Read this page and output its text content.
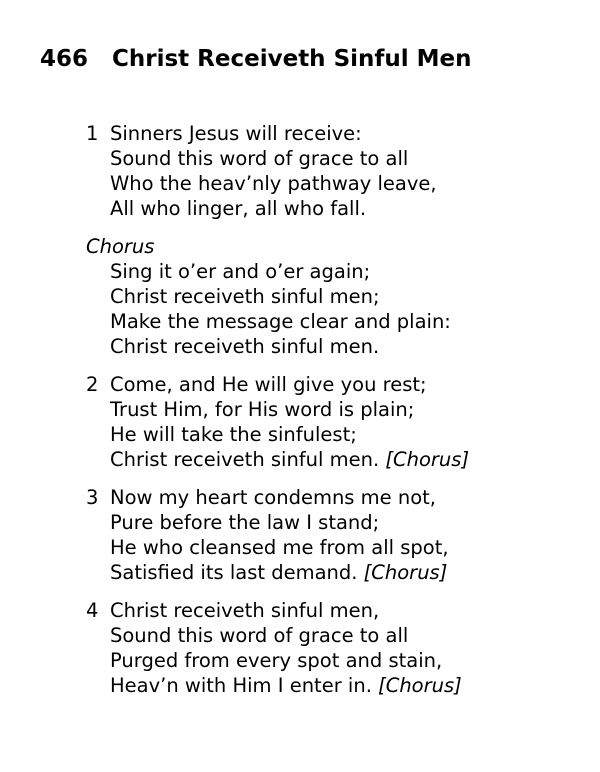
466 Christ Receiveth Sinful Men
1 Sinners Jesus will receive:
Sound this word of grace to all
Who the heav’nly pathway leave,
All who linger, all who fall.
Chorus
Sing it o’er and o’er again;
Christ receiveth sinful men;
Make the message clear and plain:
Christ receiveth sinful men.
2 Come, and He will give you rest;
Trust Him, for His word is plain;
He will take the sinfulest;
Christ receiveth sinful men. [Chorus]
3 Now my heart condemns me not,
Pure before the law I stand;
He who cleansed me from all spot,
Satisfied its last demand. [Chorus]
4 Christ receiveth sinful men,
Sound this word of grace to all
Purged from every spot and stain,
Heav’n with Him I enter in. [Chorus]
